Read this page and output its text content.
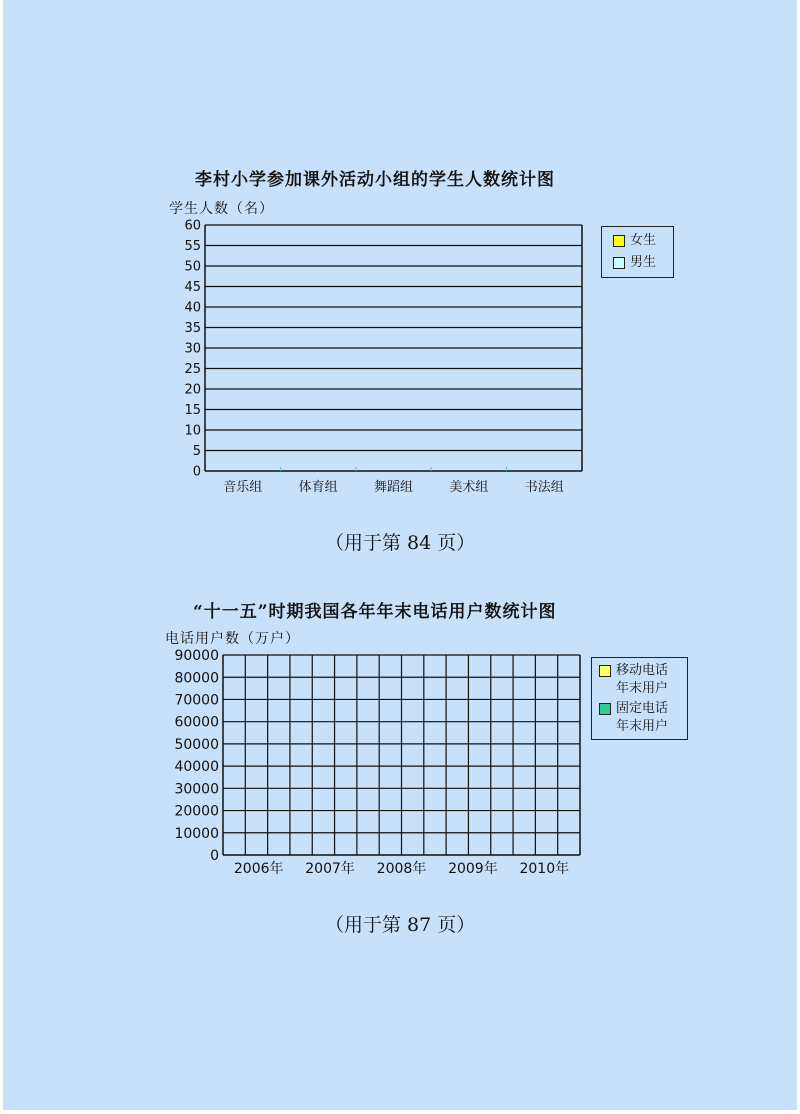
李村小学参加课外活动小组的学生人数统计图
学生人数（名）
0
5
10
15
20
25
30
35
40
45
50
55
60
音乐组	体育组	舞蹈组	美术组	书法组
0
10000
20000
30000
40000
50000
60000
70000
80000
90000
2006年 2007年 2008年 2009年 2010年
女生
男生
（用于第 84 页）
“十一五”时期我国各年年末电话用户数统计图
电话用户数（万户）
移动电话
年末用户
固定电话
年末用户
（用于第 87 页）
